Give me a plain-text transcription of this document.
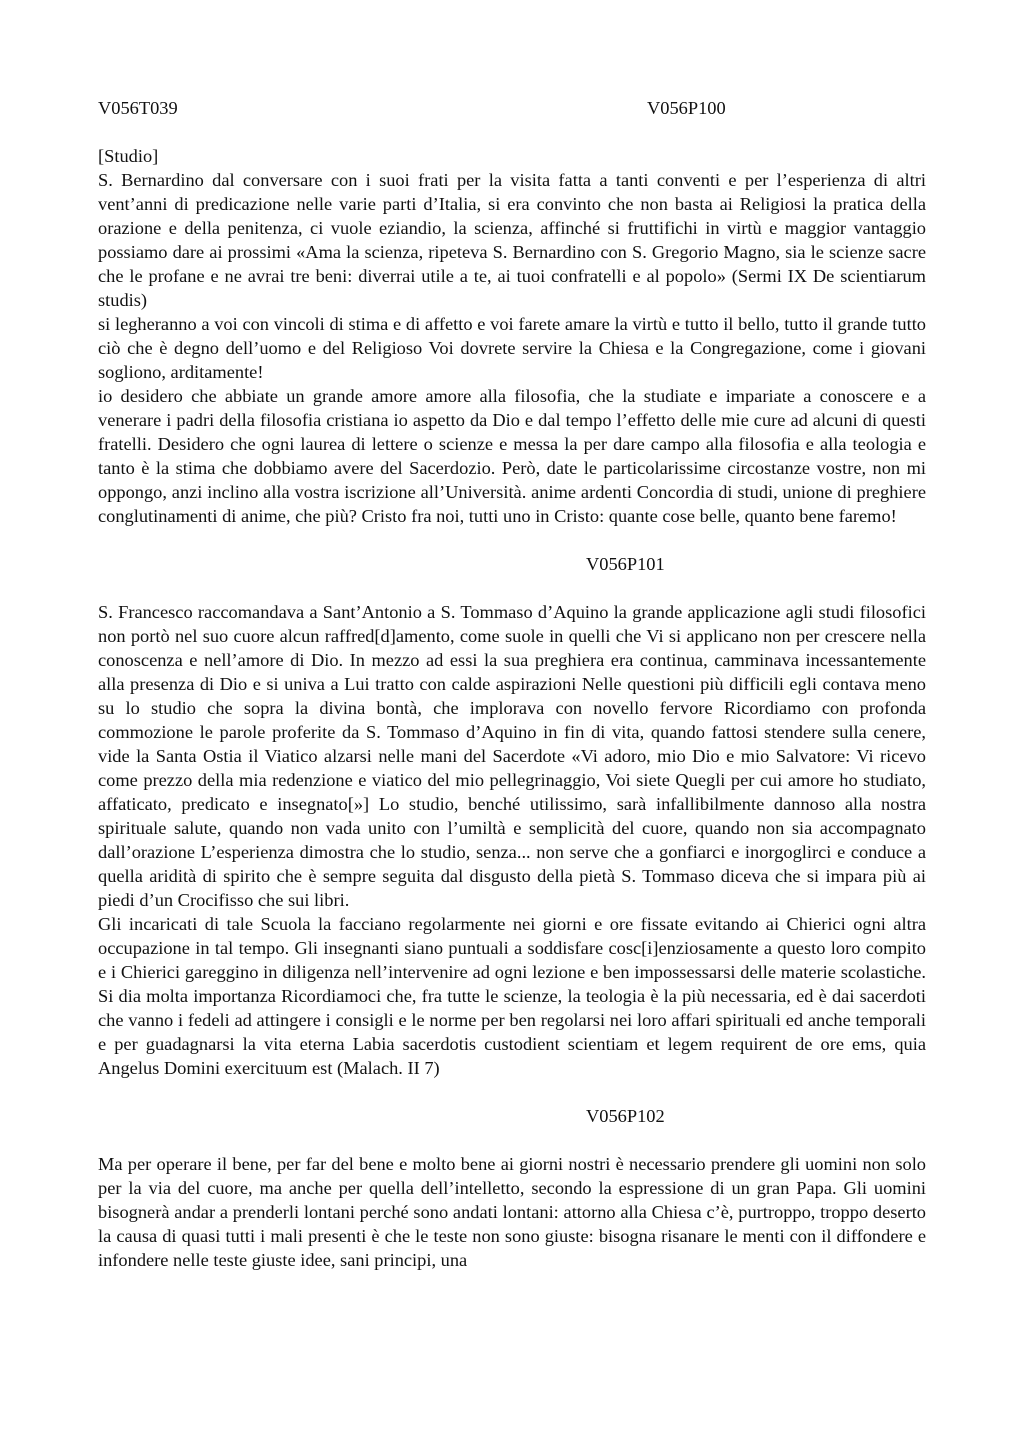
V056T039	V056P100

[Studio]

S. Bernardino dal conversare con i suoi frati per la visita fatta a tanti conventi e per l’esperienza di altri vent’anni di predicazione nelle varie parti d’Italia, si era convinto che non basta ai Religiosi la pratica della orazione e della penitenza, ci vuole eziandio, la scienza, affinché si fruttifichi in virtù e maggior vantaggio possiamo dare ai prossimi «Ama la scienza, ripeteva S. Bernardino con S. Gregorio Magno, sia le scienze sacre che le profane e ne avrai tre beni: diverrai utile a te, ai tuoi confratelli e al popolo» (Sermi IX De scientiarum studis)

si legheranno a voi con vincoli di stima e di affetto e voi farete amare la virtù e tutto il bello, tutto il grande tutto ciò che è degno dell’uomo e del Religioso Voi dovrete servire la Chiesa e la Congregazione, come i giovani sogliono, arditamente!

io desidero che abbiate un grande amore amore alla filosofia, che la studiate e impariate a conoscere e a venerare i padri della filosofia cristiana io aspetto da Dio e dal tempo l’effetto delle mie cure ad alcuni di questi fratelli. Desidero che ogni laurea di lettere o scienze e messa la per dare campo alla filosofia e alla teologia e tanto è la stima che dobbiamo avere del Sacerdozio. Però, date le particolarissime circostanze vostre, non mi oppongo, anzi inclino alla vostra iscrizione all’Università. anime ardenti Concordia di studi, unione di preghiere conglutinamenti di anime, che più? Cristo fra noi, tutti uno in Cristo: quante cose belle, quanto bene faremo!

V056P101

S. Francesco raccomandava a Sant’Antonio a S. Tommaso d’Aquino la grande applicazione agli studi filosofici non portò nel suo cuore alcun raffred[d]amento, come suole in quelli che Vi si applicano non per crescere nella conoscenza e nell’amore di Dio. In mezzo ad essi la sua preghiera era continua, camminava incessantemente alla presenza di Dio e si univa a Lui tratto con calde aspirazioni Nelle questioni più difficili egli contava meno su lo studio che sopra la divina bontà, che implorava con novello fervore Ricordiamo con profonda commozione le parole proferite da S. Tommaso d’Aquino in fin di vita, quando fattosi stendere sulla cenere, vide la Santa Ostia il Viatico alzarsi nelle mani del Sacerdote «Vi adoro, mio Dio e mio Salvatore: Vi ricevo come prezzo della mia redenzione e viatico del mio pellegrinaggio, Voi siete Quegli per cui amore ho studiato, affaticato, predicato e insegnato[»] Lo studio, benché utilissimo, sarà infallibilmente dannoso alla nostra spirituale salute, quando non vada unito con l’umiltà e semplicità del cuore, quando non sia accompagnato dall’orazione L’esperienza dimostra che lo studio, senza... non serve che a gonfiarci e inorgoglirci e conduce a quella aridità di spirito che è sempre seguita dal disgusto della pietà S. Tommaso diceva che si impara più ai piedi d’un Crocifisso che sui libri.

Gli incaricati di tale Scuola la facciano regolarmente nei giorni e ore fissate evitando ai Chierici ogni altra occupazione in tal tempo. Gli insegnanti siano puntuali a soddisfare cosc[i]enziosamente a questo loro compito e i Chierici gareggino in diligenza nell’intervenire ad ogni lezione e ben impossessarsi delle materie scolastiche. Si dia molta importanza Ricordiamoci che, fra tutte le scienze, la teologia è la più necessaria, ed è dai sacerdoti che vanno i fedeli ad attingere i consigli e le norme per ben regolarsi nei loro affari spirituali ed anche temporali e per guadagnarsi la vita eterna Labia sacerdotis custodient scientiam et legem requirent de ore ems, quia Angelus Domini exercituum est (Malach. II 7)

V056P102

Ma per operare il bene, per far del bene e molto bene ai giorni nostri è necessario prendere gli uomini non solo per la via del cuore, ma anche per quella dell’intelletto, secondo la espressione di un gran Papa. Gli uomini bisognerà andar a prenderli lontani perché sono andati lontani: attorno alla Chiesa c’è, purtroppo, troppo deserto la causa di quasi tutti i mali presenti è che le teste non sono giuste: bisogna risanare le menti con il diffondere e infondere nelle teste giuste idee, sani principi, una
